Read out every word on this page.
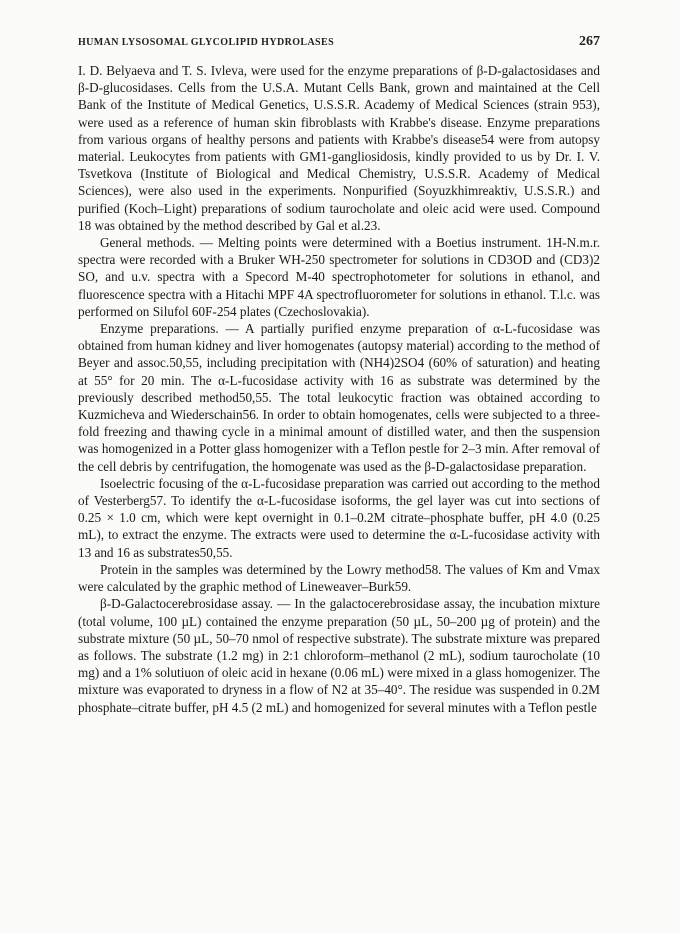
HUMAN LYSOSOMAL GLYCOLIPID HYDROLASES	267

I. D. Belyaeva and T. S. Ivleva, were used for the enzyme preparations of β-D-galactosidases and β-D-glucosidases. Cells from the U.S.A. Mutant Cells Bank, grown and maintained at the Cell Bank of the Institute of Medical Genetics, U.S.S.R. Academy of Medical Sciences (strain 953), were used as a reference of human skin fibroblasts with Krabbe's disease. Enzyme preparations from various organs of healthy persons and patients with Krabbe's disease54 were from autopsy material. Leukocytes from patients with GM1-gangliosidosis, kindly provided to us by Dr. I. V. Tsvetkova (Institute of Biological and Medical Chemistry, U.S.S.R. Academy of Medical Sciences), were also used in the experiments. Nonpurified (Soyuzkhimreaktiv, U.S.S.R.) and purified (Koch–Light) preparations of sodium taurocholate and oleic acid were used. Compound 18 was obtained by the method described by Gal et al.23.

General methods. — Melting points were determined with a Boetius instrument. 1H-N.m.r. spectra were recorded with a Bruker WH-250 spectrometer for solutions in CD3OD and (CD3)2 SO, and u.v. spectra with a Specord M-40 spectrophotometer for solutions in ethanol, and fluorescence spectra with a Hitachi MPF 4A spectrofluorometer for solutions in ethanol. T.l.c. was performed on Silufol 60F-254 plates (Czechoslovakia).

Enzyme preparations. — A partially purified enzyme preparation of α-L-fucosidase was obtained from human kidney and liver homogenates (autopsy material) according to the method of Beyer and assoc.50,55, including precipitation with (NH4)2SO4 (60% of saturation) and heating at 55° for 20 min. The α-L-fucosidase activity with 16 as substrate was determined by the previously described method50,55. The total leukocytic fraction was obtained according to Kuzmicheva and Wiederschain56. In order to obtain homogenates, cells were subjected to a three-fold freezing and thawing cycle in a minimal amount of distilled water, and then the suspension was homogenized in a Potter glass homogenizer with a Teflon pestle for 2–3 min. After removal of the cell debris by centrifugation, the homogenate was used as the β-D-galactosidase preparation.

Isoelectric focusing of the α-L-fucosidase preparation was carried out according to the method of Vesterberg57. To identify the α-L-fucosidase isoforms, the gel layer was cut into sections of 0.25 × 1.0 cm, which were kept overnight in 0.1–0.2M citrate–phosphate buffer, pH 4.0 (0.25 mL), to extract the enzyme. The extracts were used to determine the α-L-fucosidase activity with 13 and 16 as substrates50,55.

Protein in the samples was determined by the Lowry method58. The values of Km and Vmax were calculated by the graphic method of Lineweaver–Burk59.

β-D-Galactocerebrosidase assay. — In the galactocerebrosidase assay, the incubation mixture (total volume, 100 µL) contained the enzyme preparation (50 µL, 50–200 µg of protein) and the substrate mixture (50 µL, 50–70 nmol of respective substrate). The substrate mixture was prepared as follows. The substrate (1.2 mg) in 2:1 chloroform–methanol (2 mL), sodium taurocholate (10 mg) and a 1% solutiuon of oleic acid in hexane (0.06 mL) were mixed in a glass homogenizer. The mixture was evaporated to dryness in a flow of N2 at 35–40°. The residue was suspended in 0.2M phosphate–citrate buffer, pH 4.5 (2 mL) and homogenized for several minutes with a Teflon pestle
